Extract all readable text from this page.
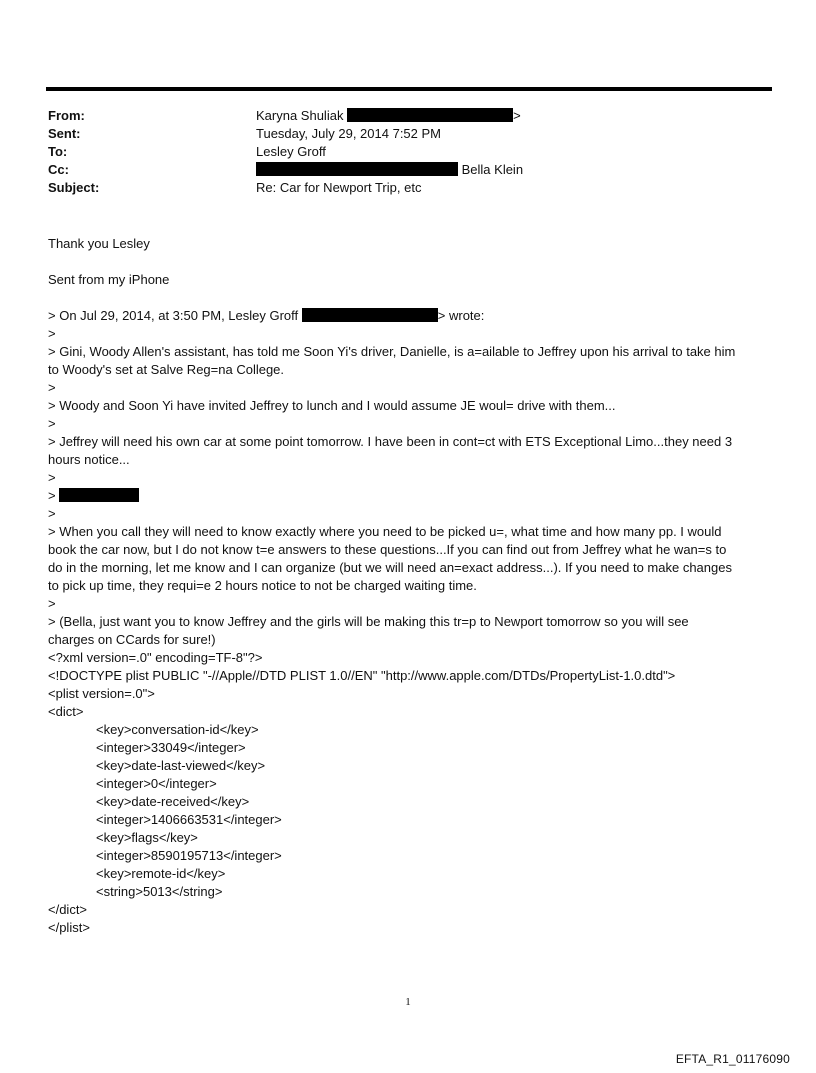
From:	Karyna Shuliak	>
Sent:	Tuesday, July 29, 2014 7:52 PM
To:	Lesley Groff
Cc:	Bella Klein
Subject:	Re: Car for Newport Trip, etc
Thank you Lesley
Sent from my iPhone
> On Jul 29, 2014, at 3:50 PM, Lesley Groff	> wrote:
>
> Gini, Woody Allen's assistant, has told me Soon Yi's driver, Danielle, is a=ailable to Jeffrey upon his arrival to take him
to Woody's set at Salve Reg=na College.
>
> Woody and Soon Yi have invited Jeffrey to lunch and I would assume JE woul= drive with them...
>
> Jeffrey will need his own car at some point tomorrow. I have been in cont=ct with ETS Exceptional Limo...they need 3
hours notice...
>
>
>
> When you call they will need to know exactly where you need to be picked u=, what time and how many pp. I would
book the car now, but I do not know t=e answers to these questions...If you can find out from Jeffrey what he wan=s to
do in the morning, let me know and I can organize (but we will need an=exact address...). If you need to make changes
to pick up time, they requi=e 2 hours notice to not be charged waiting time.
>
> (Bella, just want you to know Jeffrey and the girls will be making this tr=p to Newport tomorrow so you will see
charges on CCards for sure!)
<?xml version=.0" encoding=TF-8"?>
<!DOCTYPE plist PUBLIC "-//Apple//DTD PLIST 1.0//EN" "http://www.apple.com/DTDs/PropertyList-1.0.dtd">
<plist version=.0">
<dict>
<key>conversation-id</key>
<integer>33049</integer>
<key>date-last-viewed</key>
<integer>0</integer>
<key>date-received</key>
<integer>1406663531</integer>
<key>flags</key>
<integer>8590195713</integer>
<key>remote-id</key>
<string>5013</string>
</dict>
</plist>
1
EFTA_R1_01176090
